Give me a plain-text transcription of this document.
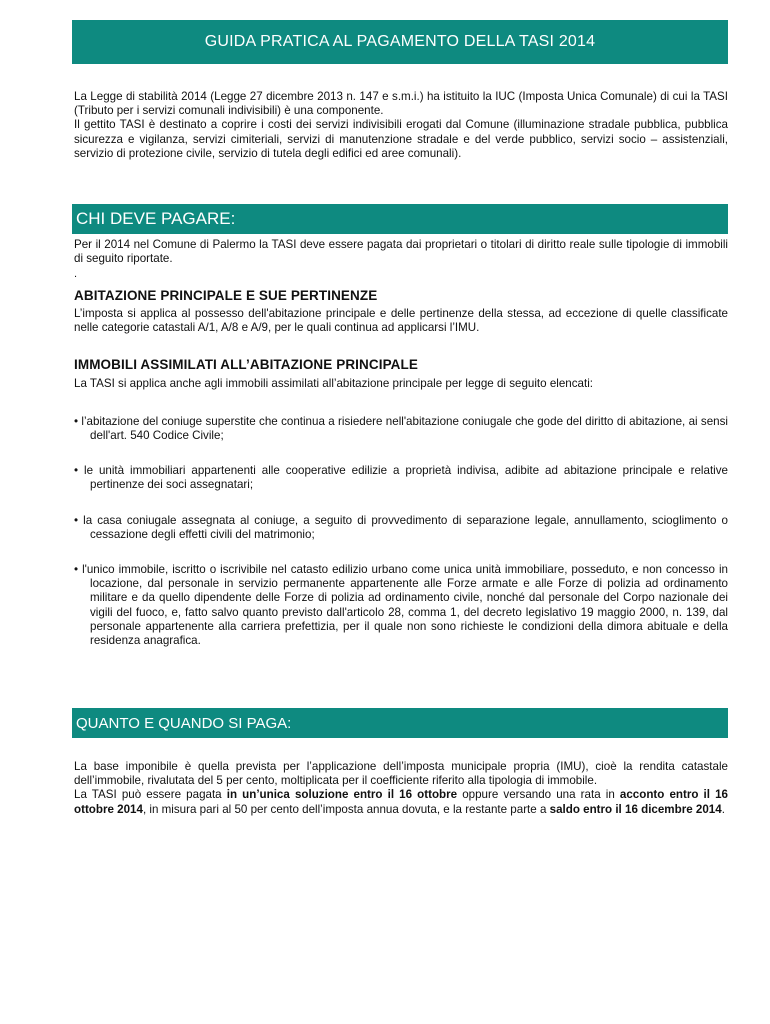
GUIDA PRATICA AL PAGAMENTO DELLA TASI 2014

La Legge di stabilità 2014 (Legge 27 dicembre 2013 n. 147 e s.m.i.) ha istituito la IUC (Imposta Unica Comunale) di cui la TASI (Tributo per i servizi comunali indivisibili) è una componente.

Il gettito TASI è destinato a coprire i costi dei servizi indivisibili erogati dal Comune (illuminazione stradale pubblica, pubblica sicurezza e vigilanza, servizi cimiteriali, servizi di manutenzione stradale e del verde pubblico, servizi socio – assistenziali, servizio di protezione civile, servizio di tutela degli edifici ed aree comunali).

CHI DEVE PAGARE:

Per il 2014 nel Comune di Palermo la TASI deve essere pagata dai proprietari o titolari di diritto reale sulle tipologie di immobili di seguito riportate.

.
ABITAZIONE PRINCIPALE E SUE PERTINENZE

L’imposta si applica al possesso dell'abitazione principale e delle pertinenze della stessa, ad eccezione di quelle classificate nelle categorie catastali A/1, A/8 e A/9, per le quali continua ad applicarsi l’IMU.

IMMOBILI ASSIMILATI ALL’ABITAZIONE PRINCIPALE

La TASI si applica anche agli immobili assimilati all’abitazione principale per legge di seguito elencati:

• l’abitazione del coniuge superstite che continua a risiedere nell'abitazione coniugale che gode del diritto di abitazione, ai sensi dell'art. 540 Codice Civile;
• le unità immobiliari appartenenti alle cooperative edilizie a proprietà indivisa, adibite ad abitazione principale e relative pertinenze dei soci assegnatari;
• la casa coniugale assegnata al coniuge, a seguito di provvedimento di separazione legale, annullamento, scioglimento o cessazione degli effetti civili del matrimonio;
• l'unico immobile, iscritto o iscrivibile nel catasto edilizio urbano come unica unità immobiliare, posseduto, e non concesso in locazione, dal personale in servizio permanente appartenente alle Forze armate e alle Forze di polizia ad ordinamento militare e da quello dipendente delle Forze di polizia ad ordinamento civile, nonché dal personale del Corpo nazionale dei vigili del fuoco, e, fatto salvo quanto previsto dall'articolo 28, comma 1, del decreto legislativo 19 maggio 2000, n. 139, dal personale appartenente alla carriera prefettizia, per il quale non sono richieste le condizioni della dimora abituale e della residenza anagrafica.
QUANTO E QUANDO SI PAGA:

La base imponibile è quella prevista per l’applicazione dell’imposta municipale propria (IMU), cioè la rendita catastale dell’immobile, rivalutata del 5 per cento, moltiplicata per il coefficiente riferito alla tipologia di immobile.

La TASI può essere pagata in un’unica soluzione entro il 16 ottobre oppure versando una rata in acconto entro il 16 ottobre 2014, in misura pari al 50 per cento dell’imposta annua dovuta, e la restante parte a saldo entro il 16 dicembre 2014.
